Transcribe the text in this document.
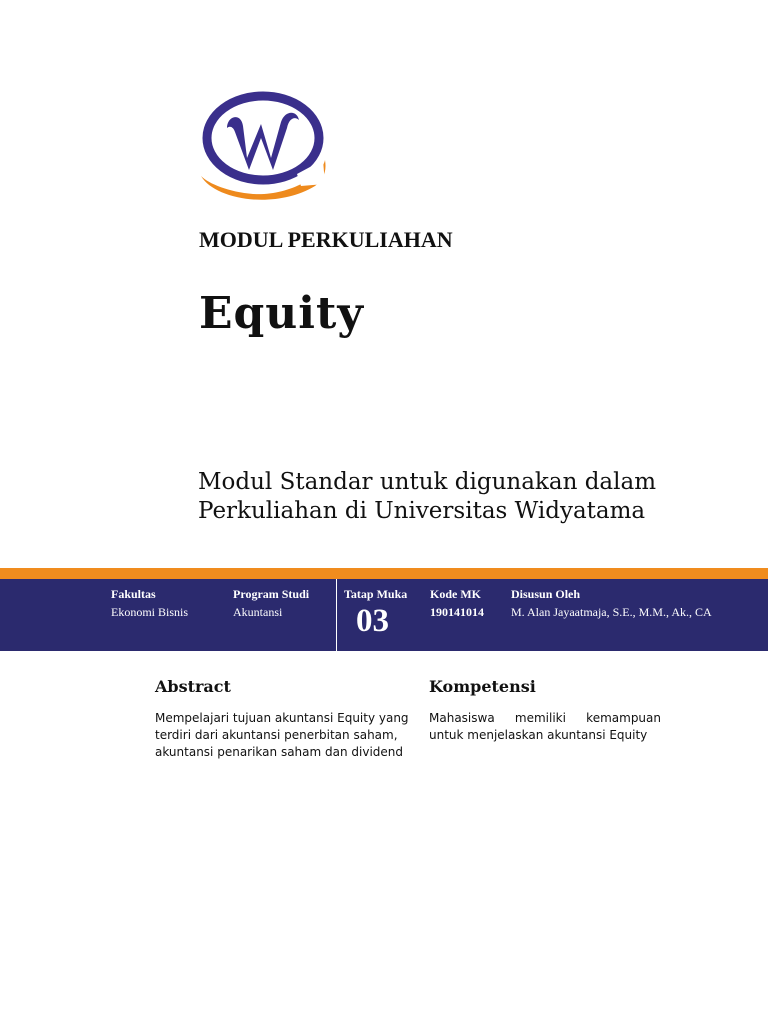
MODUL PERKULIAHAN
Equity
Modul Standar untuk digunakan dalam
Perkuliahan di Universitas Widyatama
Fakultas
Ekonomi Bisnis
Program Studi
Akuntansi
Tatap Muka
03
Kode MK
190141014
Disusun Oleh
M. Alan Jayaatmaja, S.E., M.M., Ak., CA
Abstract
Mempelajari tujuan akuntansi Equity yang terdiri dari akuntansi penerbitan saham, akuntansi penarikan saham dan dividend
Kompetensi
Mahasiswa memiliki kemampuan untuk menjelaskan akuntansi Equity
